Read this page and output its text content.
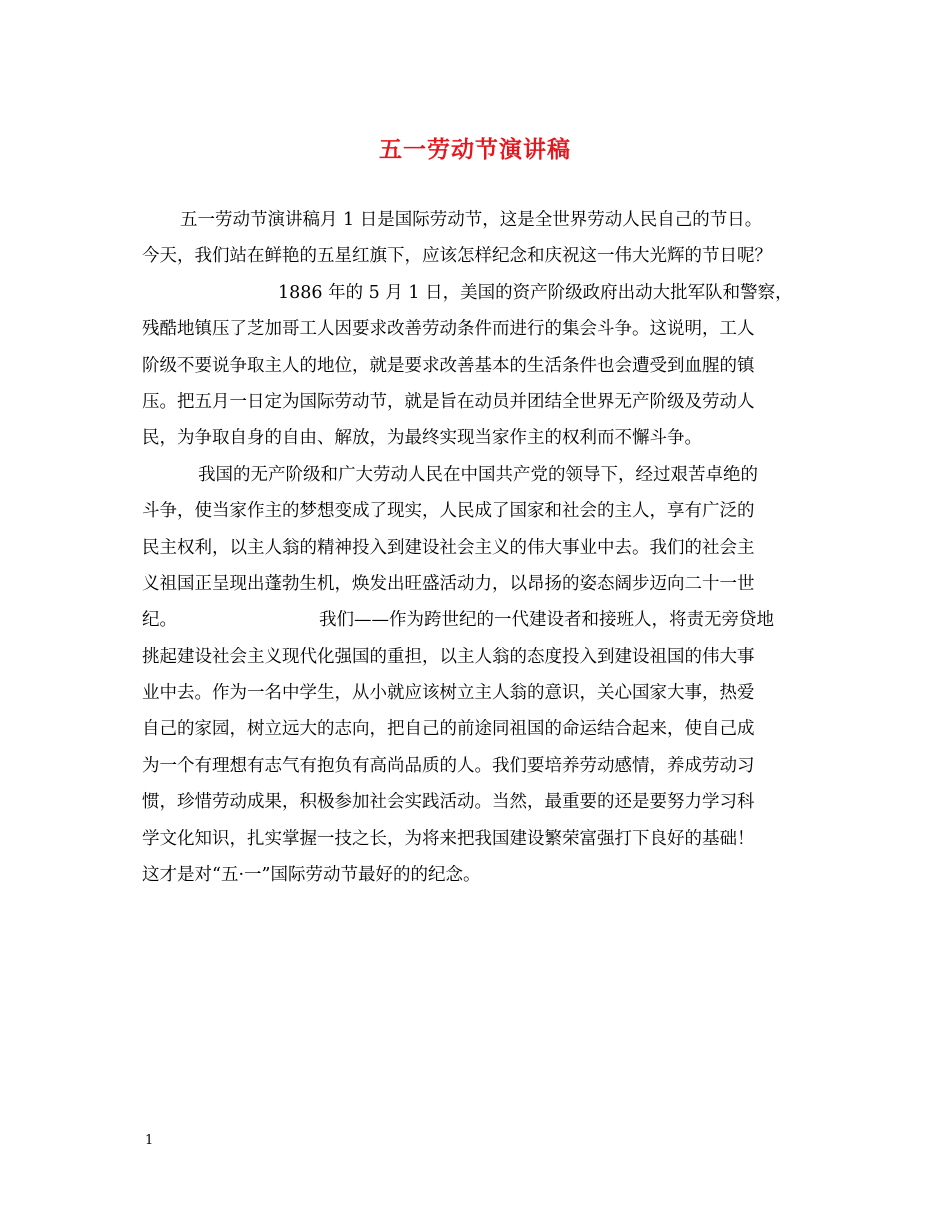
五一劳动节演讲稿
五一劳动节演讲稿月 1 日是国际劳动节，这是全世界劳动人民自己的节日。
今天，我们站在鲜艳的五星红旗下，应该怎样纪念和庆祝这一伟大光辉的节日呢？
1886 年的 5 月 1 日，美国的资产阶级政府出动大批军队和警察，
残酷地镇压了芝加哥工人因要求改善劳动条件而进行的集会斗争。这说明，工人
阶级不要说争取主人的地位，就是要求改善基本的生活条件也会遭受到血腥的镇
压。把五月一日定为国际劳动节，就是旨在动员并团结全世界无产阶级及劳动人
民，为争取自身的自由、解放，为最终实现当家作主的权利而不懈斗争。
我国的无产阶级和广大劳动人民在中国共产党的领导下，经过艰苦卓绝的
斗争，使当家作主的梦想变成了现实，人民成了国家和社会的主人，享有广泛的
民主权利，以主人翁的精神投入到建设社会主义的伟大事业中去。我们的社会主
义祖国正呈现出蓬勃生机，焕发出旺盛活动力，以昂扬的姿态阔步迈向二十一世
纪。	我们——作为跨世纪的一代建设者和接班人，将责无旁贷地
挑起建设社会主义现代化强国的重担，以主人翁的态度投入到建设祖国的伟大事
业中去。作为一名中学生，从小就应该树立主人翁的意识，关心国家大事，热爱
自己的家园，树立远大的志向，把自己的前途同祖国的命运结合起来，使自己成
为一个有理想有志气有抱负有高尚品质的人。我们要培养劳动感情，养成劳动习
惯，珍惜劳动成果，积极参加社会实践活动。当然，最重要的还是要努力学习科
学文化知识，扎实掌握一技之长，为将来把我国建设繁荣富强打下良好的基础！
这才是对“五·一”国际劳动节最好的的纪念。
1
